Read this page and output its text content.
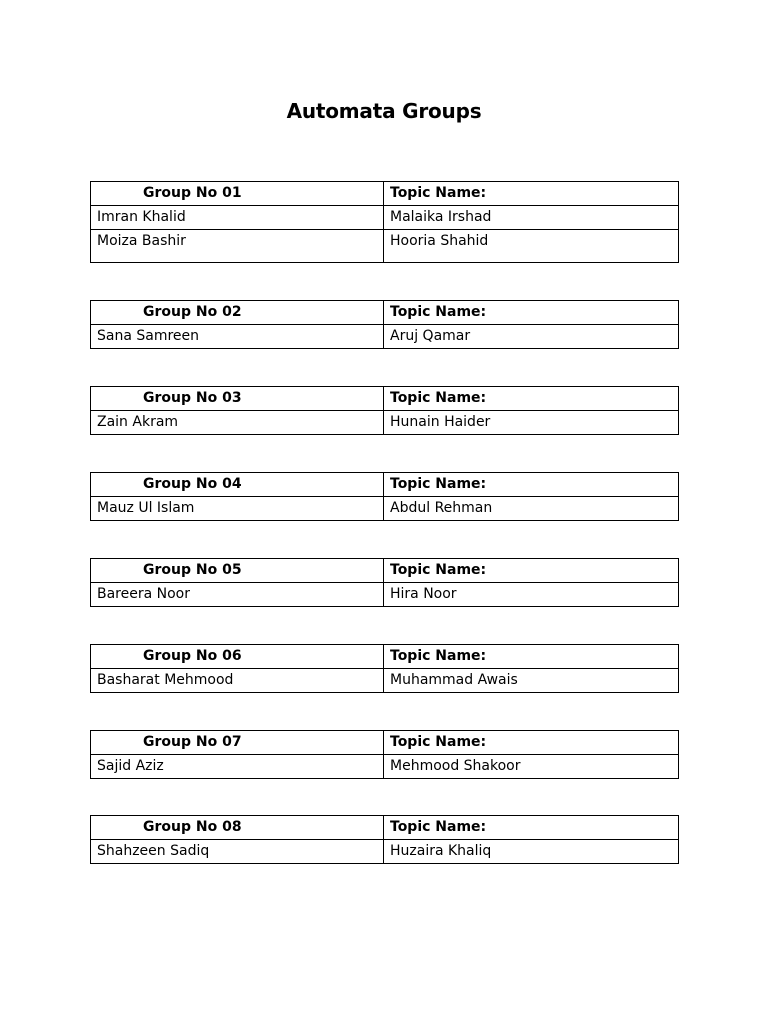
Automata Groups
Group No 01	Topic Name:
Imran Khalid	Malaika Irshad

Moiza Bashir	Hooria Shahid
Group No 02	Topic Name:
Sana Samreen	Aruj Qamar
Group No 03	Topic Name:
Zain Akram	Hunain Haider
Group No 04	Topic Name:
Mauz Ul Islam	Abdul Rehman
Group No 05	Topic Name:
Bareera Noor	Hira Noor
Group No 06	Topic Name:
Basharat Mehmood	Muhammad Awais
Group No 07	Topic Name:
Sajid Aziz	Mehmood Shakoor
Group No 08	Topic Name:
Shahzeen Sadiq	Huzaira Khaliq
